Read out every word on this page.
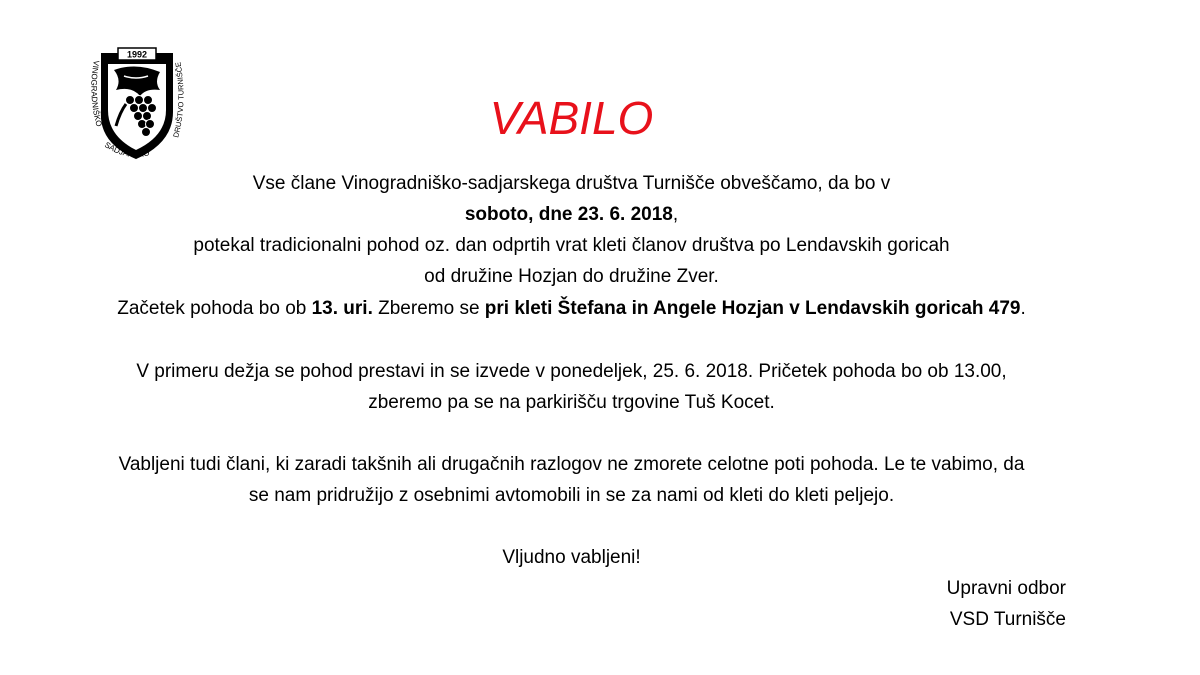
1992
VINOGRADNIŠKO
SADJARSKO
DRUŠTVO TURNIŠČE
VABILO
Vse člane Vinogradniško-sadjarskega društva Turnišče obveščamo, da bo v
soboto, dne 23. 6. 2018,
potekal tradicionalni pohod oz. dan odprtih vrat kleti članov društva po Lendavskih goricah
od družine Hozjan do družine Zver.
Začetek pohoda bo ob 13. uri. Zberemo se pri kleti Štefana in Angele Hozjan v Lendavskih goricah 479.
V primeru dežja se pohod prestavi in se izvede v ponedeljek, 25. 6. 2018. Pričetek pohoda bo ob 13.00,
zberemo pa se na parkirišču trgovine Tuš Kocet.
Vabljeni tudi člani, ki zaradi takšnih ali drugačnih razlogov ne zmorete celotne poti pohoda. Le te vabimo, da
se nam pridružijo z osebnimi avtomobili in se za nami od kleti do kleti peljejo.
Vljudno vabljeni!
Upravni odbor
VSD Turnišče
